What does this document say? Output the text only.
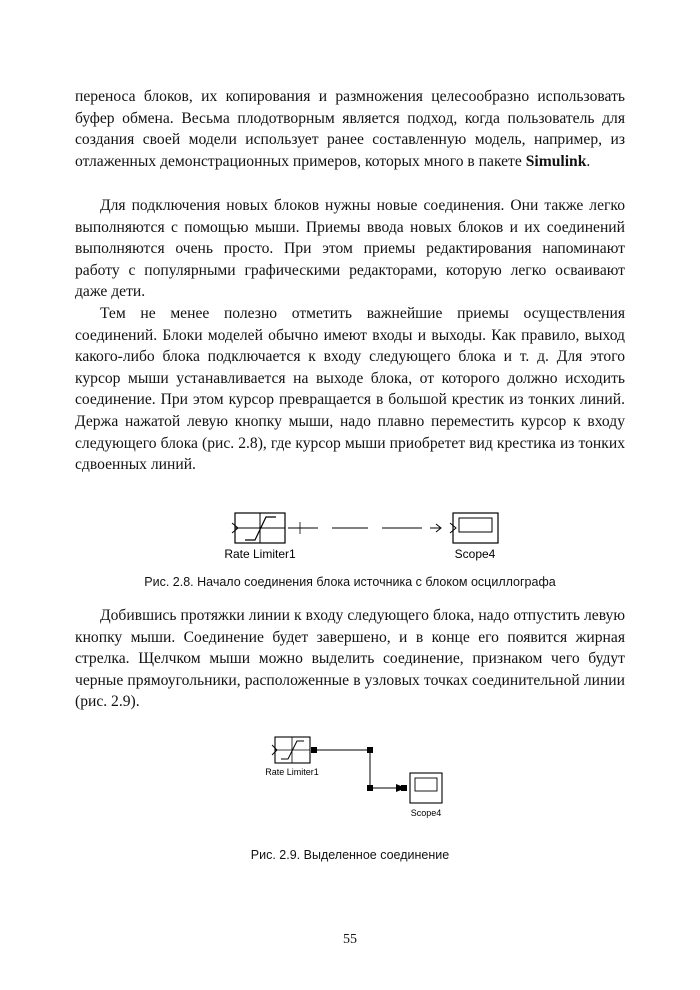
переноса блоков, их копирования и размножения целесообразно использовать буфер обмена. Весьма плодотворным является подход, когда пользователь для создания своей модели использует ранее составленную модель, например, из отлаженных демонстрационных примеров, которых много в пакете Simulink.

Для подключения новых блоков нужны новые соединения. Они также легко выполняются с помощью мыши. Приемы ввода новых блоков и их соединений выполняются очень просто. При этом приемы редактирования напоминают работу с популярными графическими редакторами, которую легко осваивают даже дети.

Тем не менее полезно отметить важнейшие приемы осуществления соединений. Блоки моделей обычно имеют входы и выходы. Как правило, выход какого-либо блока подключается к входу следующего блока и т. д. Для этого курсор мыши устанавливается на выходе блока, от которого должно исходить соединение. При этом курсор превращается в большой крестик из тонких линий. Держа нажатой левую кнопку мыши, надо плавно переместить курсор к входу следующего блока (рис. 2.8), где курсор мыши приобретет вид крестика из тонких сдвоенных линий.

Rate Limiter1	Scope4

Рис. 2.8. Начало соединения блока источника с блоком осциллографа

Добившись протяжки линии к входу следующего блока, надо отпустить левую кнопку мыши. Соединение будет завершено, и в конце его появится жирная стрелка. Щелчком мыши можно выделить соединение, признаком чего будут черные прямоугольники, расположенные в узловых точках соединительной линии (рис. 2.9).

Rate Limiter1
Scope4

Рис. 2.9. Выделенное соединение

55
